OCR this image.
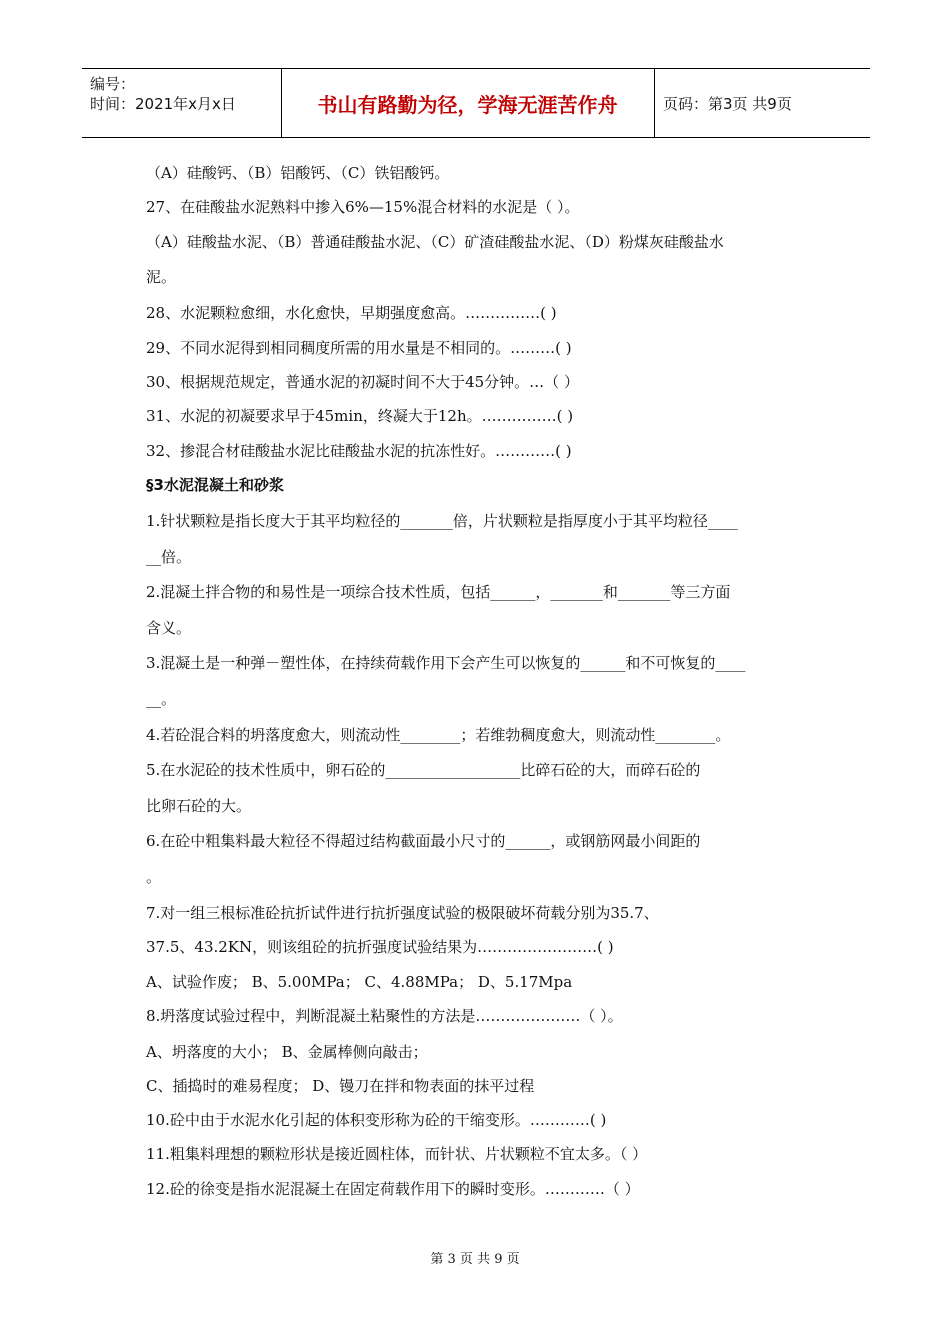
编号：
时间：2021年x月x日	书山有路勤为径，学海无涯苦作舟	页码：第3页 共9页
（A）硅酸钙、（B）铝酸钙、（C）铁铝酸钙。
27、在硅酸盐水泥熟料中掺入6%—15%混合材料的水泥是（ ）。
（A）硅酸盐水泥、（B）普通硅酸盐水泥、（C）矿渣硅酸盐水泥、（D）粉煤灰硅酸盐水
泥。
28、水泥颗粒愈细，水化愈快，早期强度愈高。……………( )
29、不同水泥得到相同稠度所需的用水量是不相同的。………( )
30、根据规范规定，普通水泥的初凝时间不大于45分钟。…（ ）
31、水泥的初凝要求早于45min，终凝大于12h。……………( )
32、掺混合材硅酸盐水泥比硅酸盐水泥的抗冻性好。…………( )
§3水泥混凝土和砂浆
1.针状颗粒是指长度大于其平均粒径的_______倍，片状颗粒是指厚度小于其平均粒径____
__倍。
2.混凝土拌合物的和易性是一项综合技术性质，包括______，_______和_______等三方面
含义。
3.混凝土是一种弹－塑性体，在持续荷载作用下会产生可以恢复的______和不可恢复的____
__。
4.若砼混合料的坍落度愈大，则流动性________；若维勃稠度愈大，则流动性________。
5.在水泥砼的技术性质中，卵石砼的__________________比碎石砼的大，而碎石砼的
比卵石砼的大。
6.在砼中粗集料最大粒径不得超过结构截面最小尺寸的______，或钢筋网最小间距的
。
7.对一组三根标准砼抗折试件进行抗折强度试验的极限破坏荷载分别为35.7、
37.5、43.2KN，则该组砼的抗折强度试验结果为……………………( )
A、试验作废； B、5.00MPa； C、4.88MPa； D、5.17Mpa
8.坍落度试验过程中，判断混凝土粘聚性的方法是…………………（ ）。
A、坍落度的大小； B、金属棒侧向敲击；
C、插捣时的难易程度； D、镘刀在拌和物表面的抹平过程
10.砼中由于水泥水化引起的体积变形称为砼的干缩变形。…………( )
11.粗集料理想的颗粒形状是接近圆柱体，而针状、片状颗粒不宜太多。（ ）
12.砼的徐变是指水泥混凝土在固定荷载作用下的瞬时变形。…………（ ）
第 3 页 共 9 页
